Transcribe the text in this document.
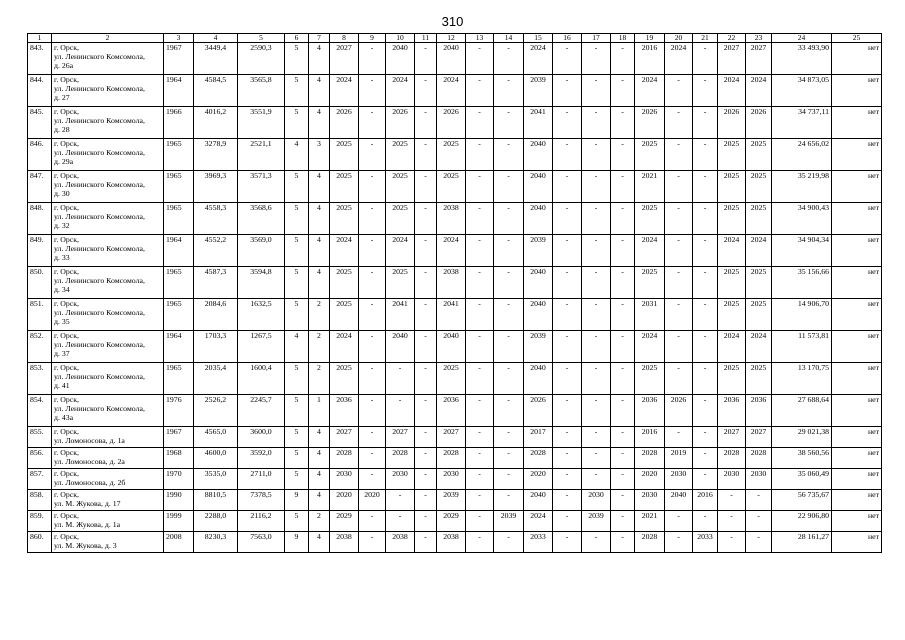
310
1	2	3	4	5	6	7	8	9	10	11	12	13	14	15	16	17	18	19	20	21	22	23	24	25
843.	г. Орск,
ул. Ленинского Комсомола,
д. 26а	1967	3449,4	2590,3	5	4	2027	-	2040	-	2040	-	-	2024	-	-	-	2016	2024	-	2027	2027	33 493,90	нет
844.	г. Орск,
ул. Ленинского Комсомола,
д. 27	1964	4584,5	3565,8	5	4	2024	-	2024	-	2024	-	-	2039	-	-	-	2024	-	-	2024	2024	34 873,05	нет
845.	г. Орск,
ул. Ленинского Комсомола,
д. 28	1966	4016,2	3551,9	5	4	2026	-	2026	-	2026	-	-	2041	-	-	-	2026	-	-	2026	2026	34 737,11	нет
846.	г. Орск,
ул. Ленинского Комсомола,
д. 29а	1965	3278,9	2521,1	4	3	2025	-	2025	-	2025	-	-	2040	-	-	-	2025	-	-	2025	2025	24 656,02	нет
847.	г. Орск,
ул. Ленинского Комсомола,
д. 30	1965	3969,3	3571,3	5	4	2025	-	2025	-	2025	-	-	2040	-	-	-	2021	-	-	2025	2025	35 219,98	нет
848.	г. Орск,
ул. Ленинского Комсомола,
д. 32	1965	4558,3	3568,6	5	4	2025	-	2025	-	2038	-	-	2040	-	-	-	2025	-	-	2025	2025	34 900,43	нет
849.	г. Орск,
ул. Ленинского Комсомола,
д. 33	1964	4552,2	3569,0	5	4	2024	-	2024	-	2024	-	-	2039	-	-	-	2024	-	-	2024	2024	34 904,34	нет
850.	г. Орск,
ул. Ленинского Комсомола,
д. 34	1965	4587,3	3594,8	5	4	2025	-	2025	-	2038	-	-	2040	-	-	-	2025	-	-	2025	2025	35 156,66	нет
851.	г. Орск,
ул. Ленинского Комсомола,
д. 35	1965	2084,6	1632,5	5	2	2025	-	2041	-	2041	-	-	2040	-	-	-	2031	-	-	2025	2025	14 906,70	нет
852.	г. Орск,
ул. Ленинского Комсомола,
д. 37	1964	1703,3	1267,5	4	2	2024	-	2040	-	2040	-	-	2039	-	-	-	2024	-	-	2024	2024	11 573,81	нет
853.	г. Орск,
ул. Ленинского Комсомола,
д. 41	1965	2035,4	1600,4	5	2	2025	-	-	-	2025	-	-	2040	-	-	-	2025	-	-	2025	2025	13 170,75	нет
854.	г. Орск,
ул. Ленинского Комсомола,
д. 43а	1976	2526,2	2245,7	5	1	2036	-	-	-	2036	-	-	2026	-	-	-	2036	2026	-	2036	2036	27 688,64	нет
855.	г. Орск,
ул. Ломоносова, д. 1а	1967	4565,0	3600,0	5	4	2027	-	2027	-	2027	-	-	2017	-	-	-	2016	-	-	2027	2027	29 021,38	нет
856.	г. Орск,
ул. Ломоносова, д. 2а	1968	4600,0	3592,0	5	4	2028	-	2028	-	2028	-	-	2028	-	-	-	2028	2019	-	2028	2028	38 560,56	нет
857.	г. Орск,
ул. Ломоносова, д. 2б	1970	3535,0	2711,0	5	4	2030	-	2030	-	2030	-	-	2020	-	-	-	2020	2030	-	2030	2030	35 060,49	нет
858.	г. Орск,
ул. М. Жукова, д. 17	1990	8810,5	7378,5	9	4	2020	2020	-	-	2039	-	-	2040	-	2030	-	2030	2040	2016	-	-	56 735,67	нет
859.	г. Орск,
ул. М. Жукова, д. 1а	1999	2288,0	2116,2	5	2	2029	-	-	-	2029	-	2039	2024	-	2039	-	2021	-	-	-	-	22 906,80	нет
860.	г. Орск,
ул. М. Жукова, д. 3	2008	8230,3	7563,0	9	4	2038	-	2038	-	2038	-	-	2033	-	-	-	2028	-	2033	-	-	28 161,27	нет
